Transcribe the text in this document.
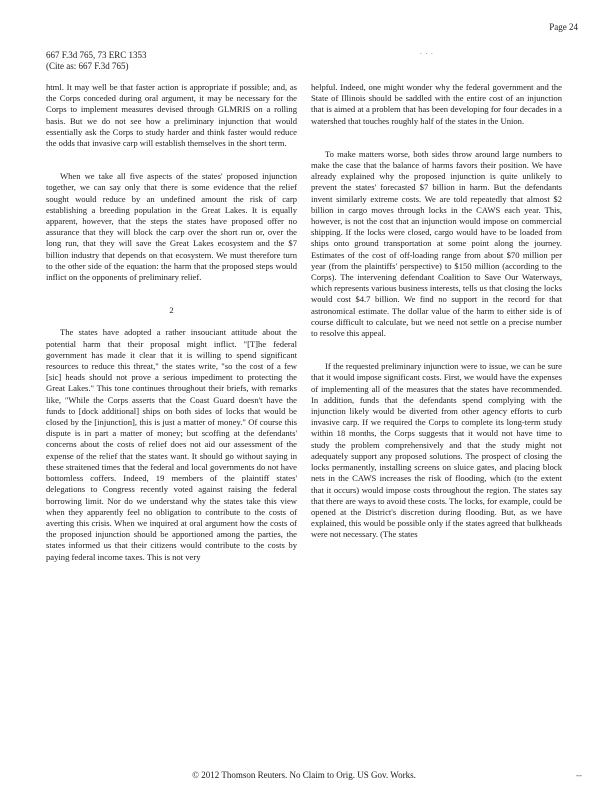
Page 24
667 F.3d 765, 73 ERC 1353
(Cite as: 667 F.3d 765)
. . .

html. It may well be that faster action is appropriate if possible; and, as the Corps conceded during oral argument, it may be necessary for the Corps to implement measures devised through GLMRIS on a rolling basis. But we do not see how a preliminary injunction that would essentially ask the Corps to study harder and think faster would reduce the odds that invasive carp will establish themselves in the short term.

When we take all five aspects of the states' proposed injunction together, we can say only that there is some evidence that the relief sought would reduce by an undefined amount the risk of carp establishing a breeding population in the Great Lakes. It is equally apparent, however, that the steps the states have proposed offer no assurance that they will block the carp over the short run or, over the long run, that they will save the Great Lakes ecosystem and the $7 billion industry that depends on that ecosystem. We must therefore turn to the other side of the equation: the harm that the proposed steps would inflict on the opponents of preliminary relief.

2

The states have adopted a rather insouciant attitude about the potential harm that their proposal might inflict. "[T]he federal government has made it clear that it is willing to spend significant resources to reduce this threat," the states write, "so the cost of a few [sic] heads should not prove a serious impediment to protecting the Great Lakes." This tone continues throughout their briefs, with remarks like, "While the Corps asserts that the Coast Guard doesn't have the funds to [dock additional] ships on both sides of locks that would be closed by the [injunction], this is just a matter of money." Of course this dispute is in part a matter of money; but scoffing at the defendants' concerns about the costs of relief does not aid our assessment of the expense of the relief that the states want. It should go without saying in these straitened times that the federal and local governments do not have bottomless coffers. Indeed, 19 members of the plaintiff states' delegations to Congress recently voted against raising the federal borrowing limit. Nor do we understand why the states take this view when they apparently feel no obligation to contribute to the costs of averting this crisis. When we inquired at oral argument how the costs of the proposed injunction should be apportioned among the parties, the states informed us that their citizens would contribute to the costs by paying federal income taxes. This is not very

helpful. Indeed, one might wonder why the federal government and the State of Illinois should be saddled with the entire cost of an injunction that is aimed at a problem that has been developing for four decades in a watershed that touches roughly half of the states in the Union.

To make matters worse, both sides throw around large numbers to make the case that the balance of harms favors their position. We have already explained why the proposed injunction is quite unlikely to prevent the states' forecasted $7 billion in harm. But the defendants invent similarly extreme costs. We are told repeatedly that almost $2 billion in cargo moves through locks in the CAWS each year. This, however, is not the cost that an injunction would impose on commercial shipping. If the locks were closed, cargo would have to be loaded from ships onto ground transportation at some point along the journey. Estimates of the cost of off-loading range from about $70 million per year (from the plaintiffs' perspective) to $150 million (according to the Corps). The intervening defendant Coalition to Save Our Waterways, which represents various business interests, tells us that closing the locks would cost $4.7 billion. We find no support in the record for that astronomical estimate. The dollar value of the harm to either side is of course difficult to calculate, but we need not settle on a precise number to resolve this appeal.

If the requested preliminary injunction were to issue, we can be sure that it would impose significant costs. First, we would have the expenses of implementing all of the measures that the states have recommended. In addition, funds that the defendants spend complying with the injunction likely would be diverted from other agency efforts to curb invasive carp. If we required the Corps to complete its long-term study within 18 months, the Corps suggests that it would not have time to study the problem comprehensively and that the study might not adequately support any proposed solutions. The prospect of closing the locks permanently, installing screens on sluice gates, and placing block nets in the CAWS increases the risk of flooding, which (to the extent that it occurs) would impose costs throughout the region. The states say that there are ways to avoid these costs. The locks, for example, could be opened at the District's discretion during flooding. But, as we have explained, this would be possible only if the states agreed that bulkheads were not necessary. (The states

© 2012 Thomson Reuters. No Claim to Orig. US Gov. Works.	--
